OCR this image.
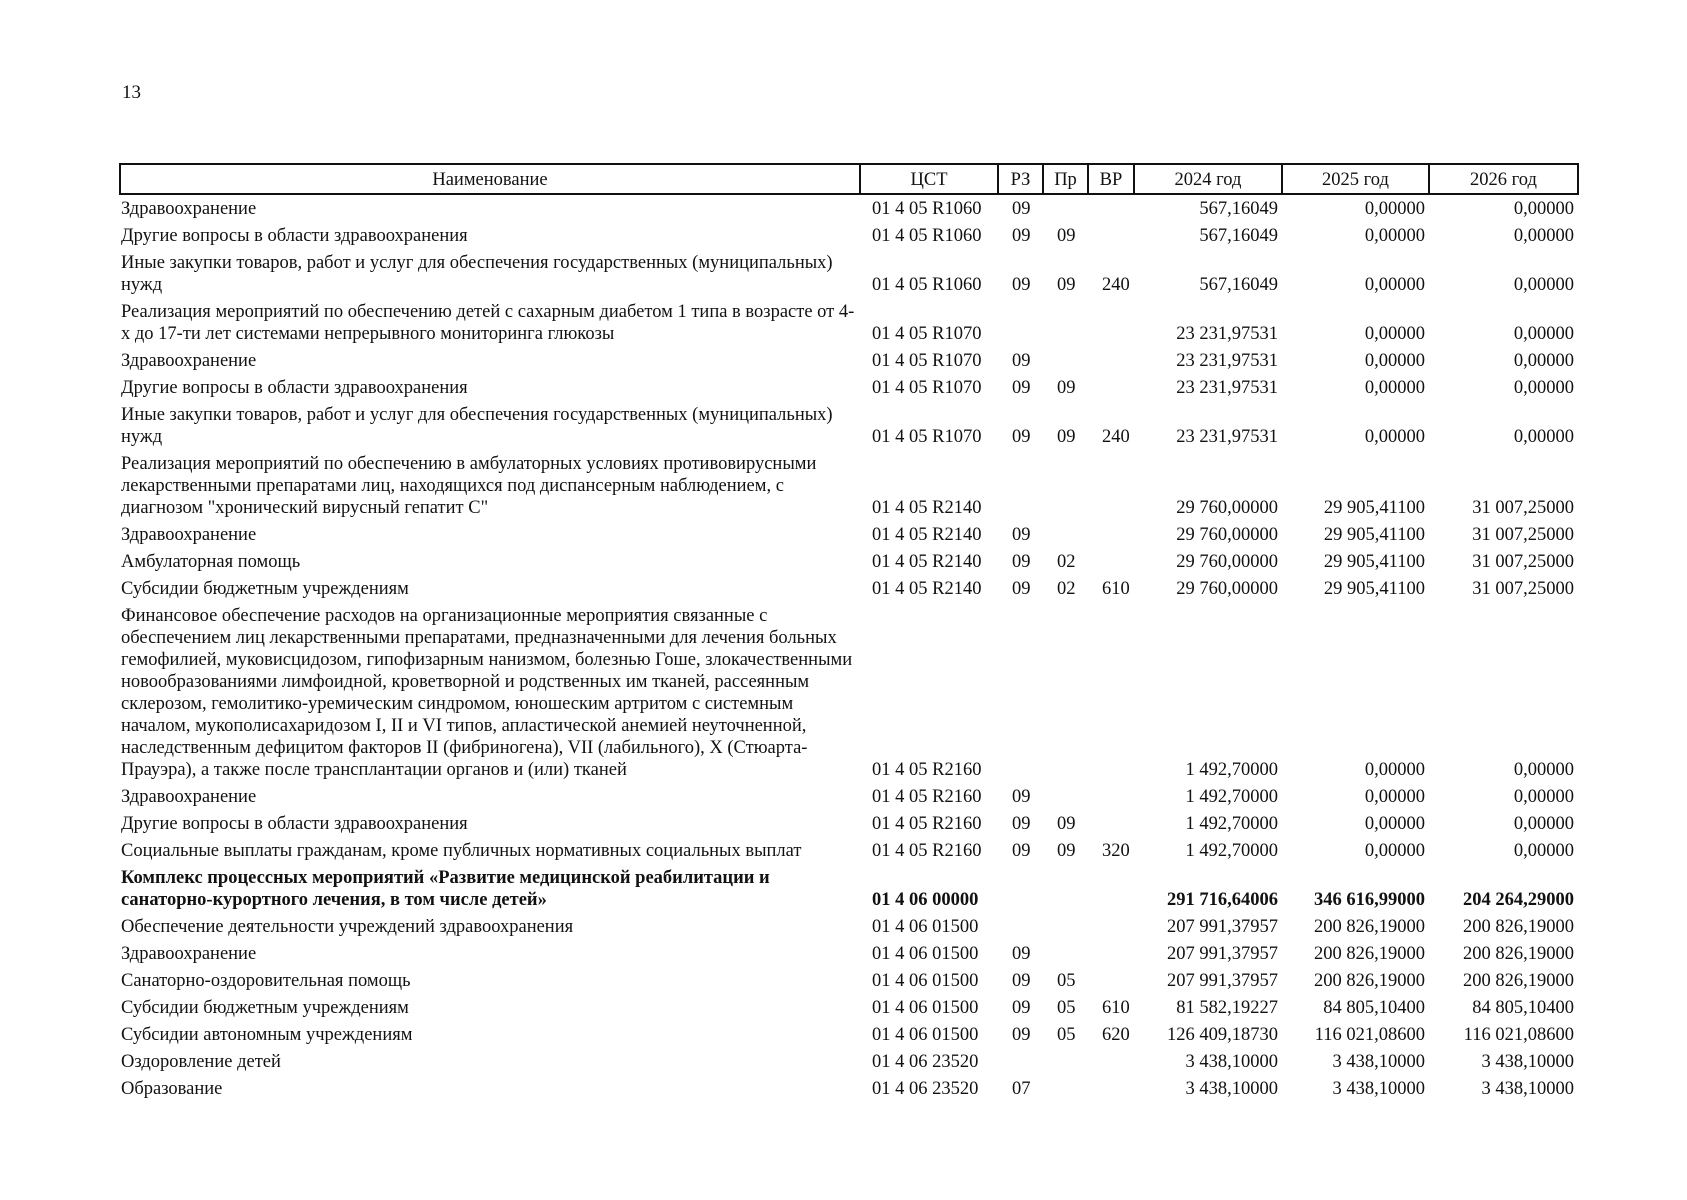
13
Наименование	ЦСТ	РЗ	Пр	ВР	2024 год	2025 год	2026 год
Здравоохранение	01 4 05 R1060	09			567,16049	0,00000	0,00000
Другие вопросы в области здравоохранения	01 4 05 R1060	09	09		567,16049	0,00000	0,00000
Иные закупки товаров, работ и услуг для обеспечения государственных (муниципальных) нужд	01 4 05 R1060	09	09	240	567,16049	0,00000	0,00000
Реализация мероприятий по обеспечению детей с сахарным диабетом 1 типа в возрасте от 4-х до 17-ти лет системами непрерывного мониторинга глюкозы	01 4 05 R1070				23 231,97531	0,00000	0,00000
Здравоохранение	01 4 05 R1070	09			23 231,97531	0,00000	0,00000
Другие вопросы в области здравоохранения	01 4 05 R1070	09	09		23 231,97531	0,00000	0,00000
Иные закупки товаров, работ и услуг для обеспечения государственных (муниципальных) нужд	01 4 05 R1070	09	09	240	23 231,97531	0,00000	0,00000
Реализация мероприятий по обеспечению в амбулаторных условиях противовирусными лекарственными препаратами лиц, находящихся под диспансерным наблюдением, с диагнозом "хронический вирусный гепатит С"	01 4 05 R2140				29 760,00000	29 905,41100	31 007,25000
Здравоохранение	01 4 05 R2140	09			29 760,00000	29 905,41100	31 007,25000
Амбулаторная помощь	01 4 05 R2140	09	02		29 760,00000	29 905,41100	31 007,25000
Субсидии бюджетным учреждениям	01 4 05 R2140	09	02	610	29 760,00000	29 905,41100	31 007,25000
Финансовое обеспечение расходов на организационные мероприятия связанные с обеспечением лиц лекарственными препаратами, предназначенными для лечения больных гемофилией, муковисцидозом, гипофизарным нанизмом, болезнью Гоше, злокачественными новообразованиями лимфоидной, кроветворной и родственных им тканей, рассеянным склерозом, гемолитико-уремическим синдромом, юношеским артритом с системным началом, мукополисахаридозом I, II и VI типов, апластической анемией неуточненной, наследственным дефицитом факторов II (фибриногена), VII (лабильного), X (Стюарта-Прауэра), а также после трансплантации органов и (или) тканей	01 4 05 R2160				1 492,70000	0,00000	0,00000
Здравоохранение	01 4 05 R2160	09			1 492,70000	0,00000	0,00000
Другие вопросы в области здравоохранения	01 4 05 R2160	09	09		1 492,70000	0,00000	0,00000
Социальные выплаты гражданам, кроме публичных нормативных социальных выплат	01 4 05 R2160	09	09	320	1 492,70000	0,00000	0,00000
Комплекс процессных мероприятий «Развитие медицинской реабилитации и санаторно-курортного лечения, в том числе детей»	01 4 06 00000				291 716,64006	346 616,99000	204 264,29000
Обеспечение деятельности учреждений здравоохранения	01 4 06 01500				207 991,37957	200 826,19000	200 826,19000
Здравоохранение	01 4 06 01500	09			207 991,37957	200 826,19000	200 826,19000
Санаторно-оздоровительная помощь	01 4 06 01500	09	05		207 991,37957	200 826,19000	200 826,19000
Субсидии бюджетным учреждениям	01 4 06 01500	09	05	610	81 582,19227	84 805,10400	84 805,10400
Субсидии автономным учреждениям	01 4 06 01500	09	05	620	126 409,18730	116 021,08600	116 021,08600
Оздоровление детей	01 4 06 23520				3 438,10000	3 438,10000	3 438,10000
Образование	01 4 06 23520	07			3 438,10000	3 438,10000	3 438,10000
